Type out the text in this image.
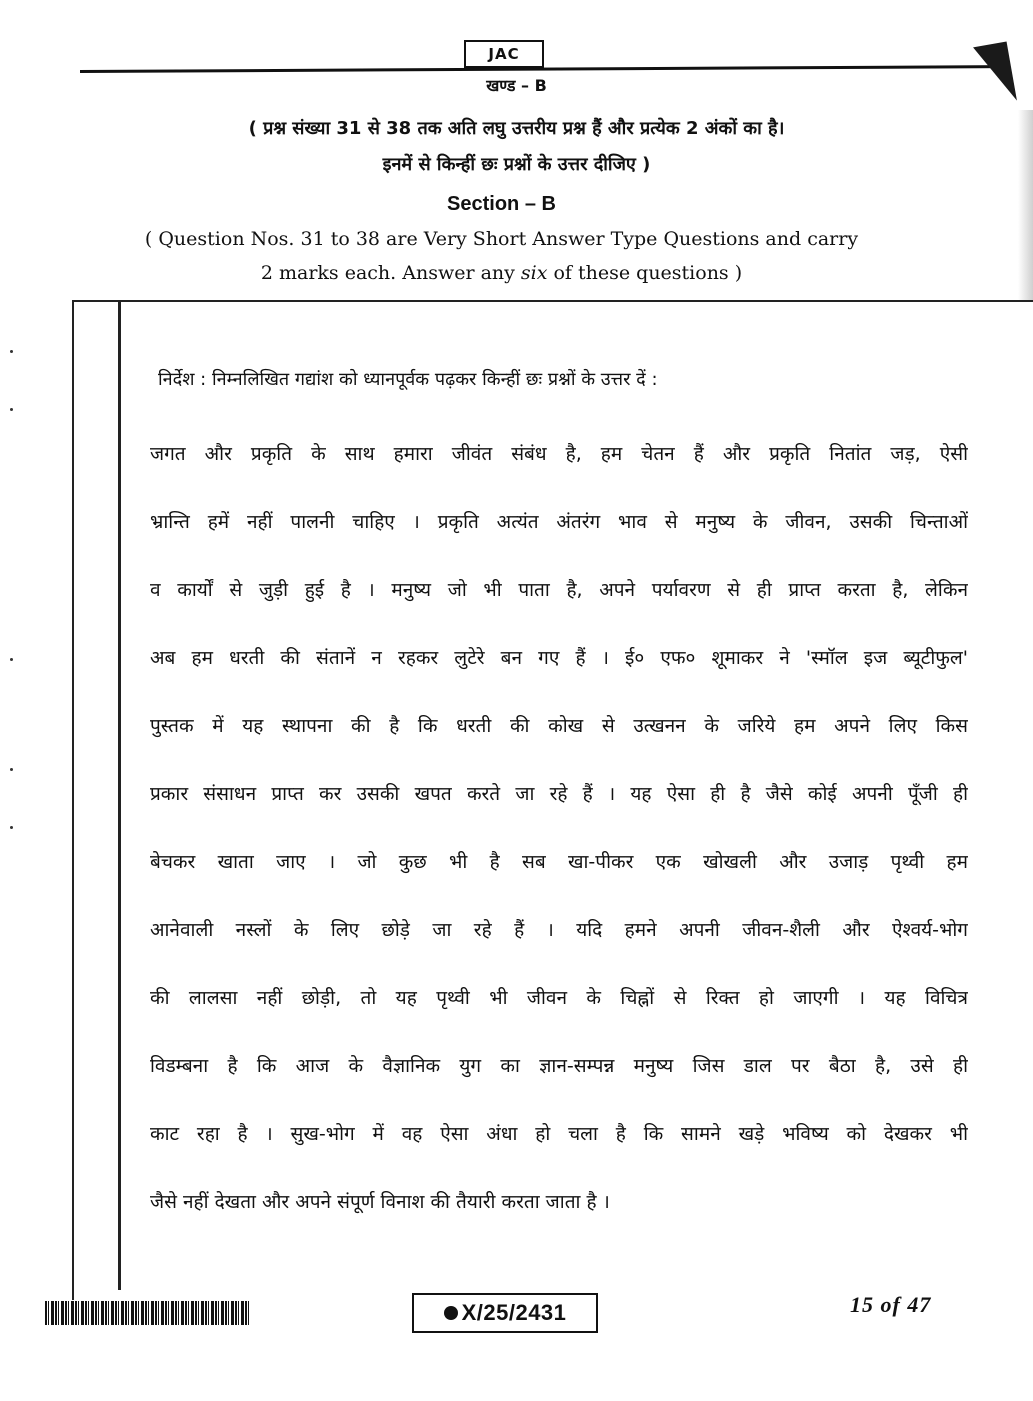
JAC
खण्ड – B
( प्रश्न संख्या 31 से 38 तक अति लघु उत्तरीय प्रश्न हैं और प्रत्येक 2 अंकों का है।
इनमें से किन्हीं छः प्रश्नों के उत्तर दीजिए )
Section – B
( Question Nos. 31 to 38 are Very Short Answer Type Questions and carry
2 marks each. Answer any six of these questions )
निर्देश : निम्नलिखित गद्यांश को ध्यानपूर्वक पढ़कर किन्हीं छः प्रश्नों के उत्तर दें :
जगत और प्रकृति के साथ हमारा जीवंत संबंध है, हम चेतन हैं और प्रकृति नितांत जड़, ऐसी
भ्रान्ति हमें नहीं पालनी चाहिए । प्रकृति अत्यंत अंतरंग भाव से मनुष्य के जीवन, उसकी चिन्ताओं
व कार्यों से जुड़ी हुई है । मनुष्य जो भी पाता है, अपने पर्यावरण से ही प्राप्त करता है, लेकिन
अब हम धरती की संतानें न रहकर लुटेरे बन गए हैं । ई० एफ० शूमाकर ने 'स्मॉल इज ब्यूटीफुल'
पुस्तक में यह स्थापना की है कि धरती की कोख से उत्खनन के जरिये हम अपने लिए किस
प्रकार संसाधन प्राप्त कर उसकी खपत करते जा रहे हैं । यह ऐसा ही है जैसे कोई अपनी पूँजी ही
बेचकर खाता जाए । जो कुछ भी है सब खा-पीकर एक खोखली और उजाड़ पृथ्वी हम
आनेवाली नस्लों के लिए छोड़े जा रहे हैं । यदि हमने अपनी जीवन-शैली और ऐश्वर्य-भोग
की लालसा नहीं छोड़ी, तो यह पृथ्वी भी जीवन के चिह्नों से रिक्त हो जाएगी । यह विचित्र
विडम्बना है कि आज के वैज्ञानिक युग का ज्ञान-सम्पन्न मनुष्य जिस डाल पर बैठा है, उसे ही
काट रहा है । सुख-भोग में वह ऐसा अंधा हो चला है कि सामने खड़े भविष्य को देखकर भी
जैसे नहीं देखता और अपने संपूर्ण विनाश की तैयारी करता जाता है ।
X/25/2431	15 of 47
